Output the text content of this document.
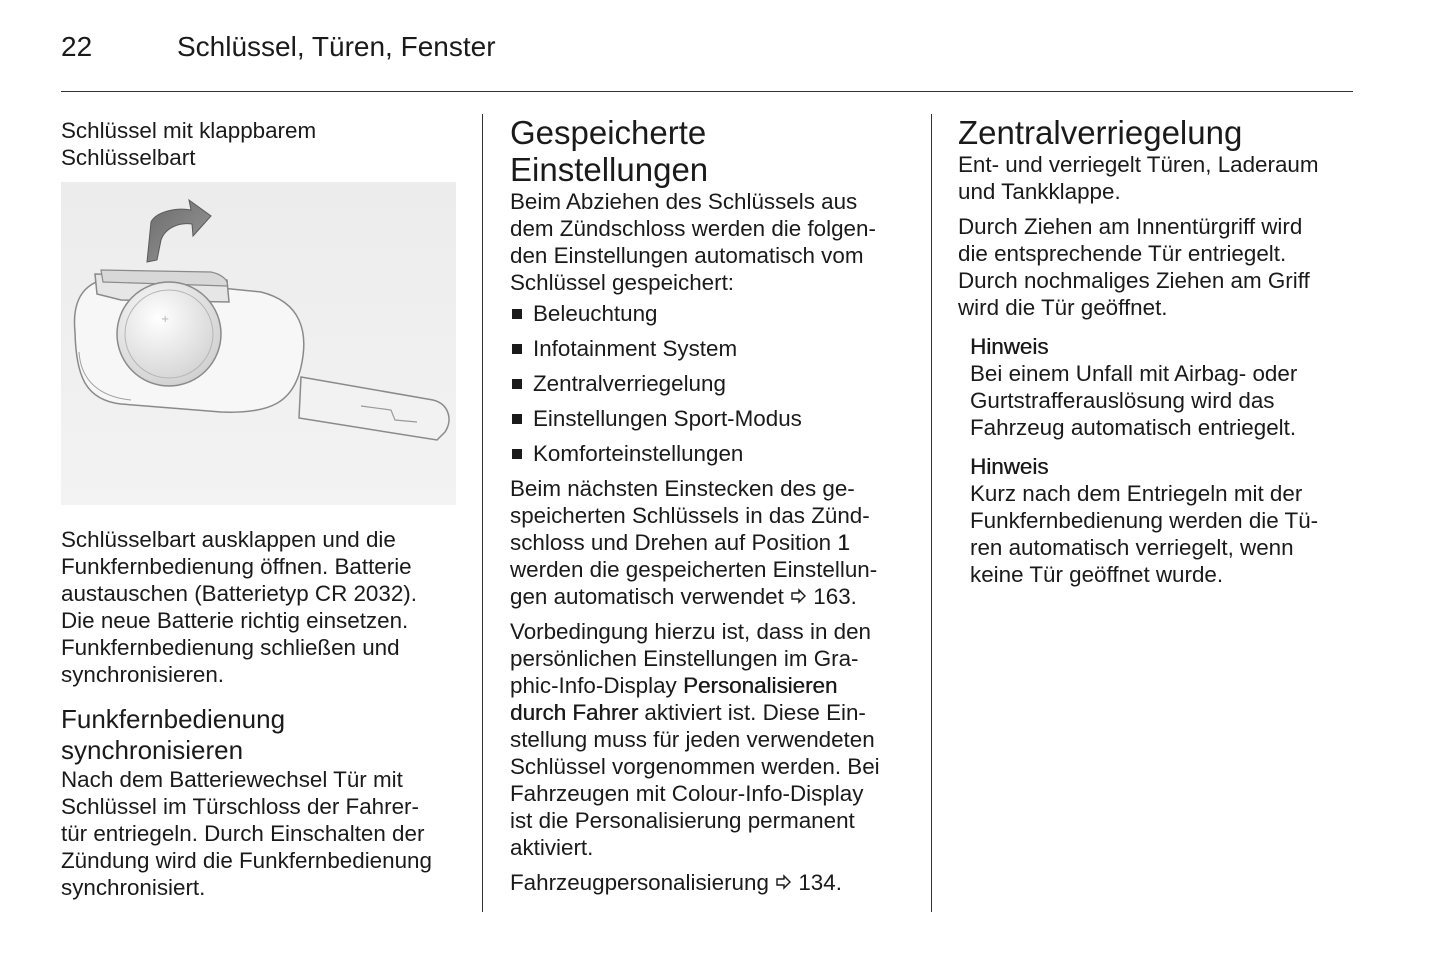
22	Schlüssel, Türen, Fenster

Schlüssel mit klappbarem
Schlüsselbart

+

Schlüsselbart ausklappen und die
Funkfernbedienung öffnen. Batterie
austauschen (Batterietyp CR 2032).
Die neue Batterie richtig einsetzen.
Funkfernbedienung schließen und
synchronisieren.

Funkfernbedienung
synchronisieren

Nach dem Batteriewechsel Tür mit
Schlüssel im Türschloss der Fahrer-
tür entriegeln. Durch Einschalten der
Zündung wird die Funkfernbedienung
synchronisiert.

Gespeicherte
Einstellungen

Beim Abziehen des Schlüssels aus
dem Zündschloss werden die folgen-
den Einstellungen automatisch vom
Schlüssel gespeichert:

Beleuchtung
Infotainment System
Zentralverriegelung
Einstellungen Sport-Modus
Komforteinstellungen

Beim nächsten Einstecken des ge-
speicherten Schlüssels in das Zünd-
schloss und Drehen auf Position 1
werden die gespeicherten Einstellun-
gen automatisch verwendet  163.

Vorbedingung hierzu ist, dass in den
persönlichen Einstellungen im Gra-
phic-Info-Display Personalisieren
durch Fahrer aktiviert ist. Diese Ein-
stellung muss für jeden verwendeten
Schlüssel vorgenommen werden. Bei
Fahrzeugen mit Colour-Info-Display
ist die Personalisierung permanent
aktiviert.

Fahrzeugpersonalisierung  134.

Zentralverriegelung

Ent- und verriegelt Türen, Laderaum
und Tankklappe.

Durch Ziehen am Innentürgriff wird
die entsprechende Tür entriegelt.
Durch nochmaliges Ziehen am Griff
wird die Tür geöffnet.

Hinweis

Bei einem Unfall mit Airbag- oder
Gurtstrafferauslösung wird das
Fahrzeug automatisch entriegelt.

Hinweis

Kurz nach dem Entriegeln mit der
Funkfernbedienung werden die Tü-
ren automatisch verriegelt, wenn
keine Tür geöffnet wurde.
